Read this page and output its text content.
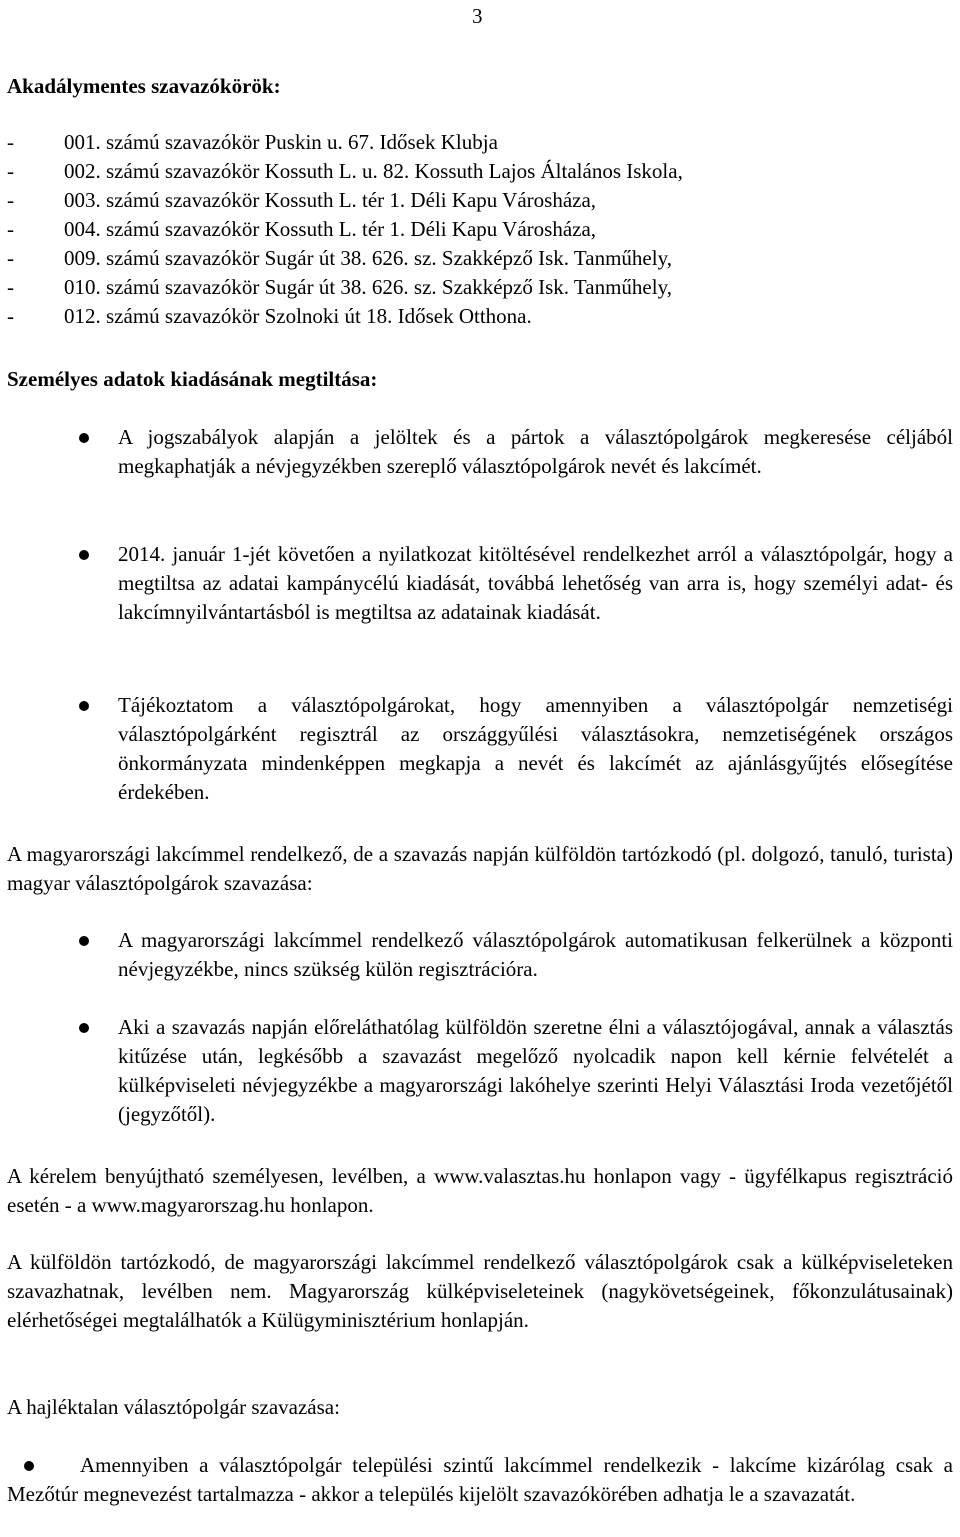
3
Akadálymentes szavazókörök:
- 001. számú szavazókör Puskin u. 67. Idősek Klubja
- 002. számú szavazókör Kossuth L. u. 82. Kossuth Lajos Általános Iskola,
- 003. számú szavazókör Kossuth L. tér 1. Déli Kapu Városháza,
- 004. számú szavazókör Kossuth L. tér 1. Déli Kapu Városháza,
- 009. számú szavazókör Sugár út 38. 626. sz. Szakképző Isk. Tanműhely,
- 010. számú szavazókör Sugár út 38. 626. sz. Szakképző Isk. Tanműhely,
- 012. számú szavazókör Szolnoki út 18. Idősek Otthona.
Személyes adatok kiadásának megtiltása:
A jogszabályok alapján a jelöltek és a pártok a választópolgárok megkeresése céljából megkaphatják a névjegyzékben szereplő választópolgárok nevét és lakcímét.
2014. január 1-jét követően a nyilatkozat kitöltésével rendelkezhet arról a választópolgár, hogy a megtiltsa az adatai kampánycélú kiadását, továbbá lehetőség van arra is, hogy személyi adat- és lakcímnyilvántartásból is megtiltsa az adatainak kiadását.
Tájékoztatom a választópolgárokat, hogy amennyiben a választópolgár nemzetiségi választópolgárként regisztrál az országgyűlési választásokra, nemzetiségének országos önkormányzata mindenképpen megkapja a nevét és lakcímét az ajánlásgyűjtés elősegítése érdekében.
A magyarországi lakcímmel rendelkező, de a szavazás napján külföldön tartózkodó (pl. dolgozó, tanuló, turista) magyar választópolgárok szavazása:
A magyarországi lakcímmel rendelkező választópolgárok automatikusan felkerülnek a központi névjegyzékbe, nincs szükség külön regisztrációra.
Aki a szavazás napján előreláthatólag külföldön szeretne élni a választójogával, annak a választás kitűzése után, legkésőbb a szavazást megelőző nyolcadik napon kell kérnie felvételét a külképviseleti névjegyzékbe a magyarországi lakóhelye szerinti Helyi Választási Iroda vezetőjétől (jegyzőtől).
A kérelem benyújtható személyesen, levélben, a www.valasztas.hu honlapon vagy - ügyfélkapus regisztráció esetén - a www.magyarorszag.hu honlapon.
A külföldön tartózkodó, de magyarországi lakcímmel rendelkező választópolgárok csak a külképviseleteken szavazhatnak, levélben nem. Magyarország külképviseleteinek (nagykövetségeinek, főkonzulátusainak) elérhetőségei megtalálhatók a Külügyminisztérium honlapján.
A hajléktalan választópolgár szavazása:
Amennyiben a választópolgár települési szintű lakcímmel rendelkezik - lakcíme kizárólag csak a Mezőtúr megnevezést tartalmazza - akkor a település kijelölt szavazókörében adhatja le a szavazatát.
